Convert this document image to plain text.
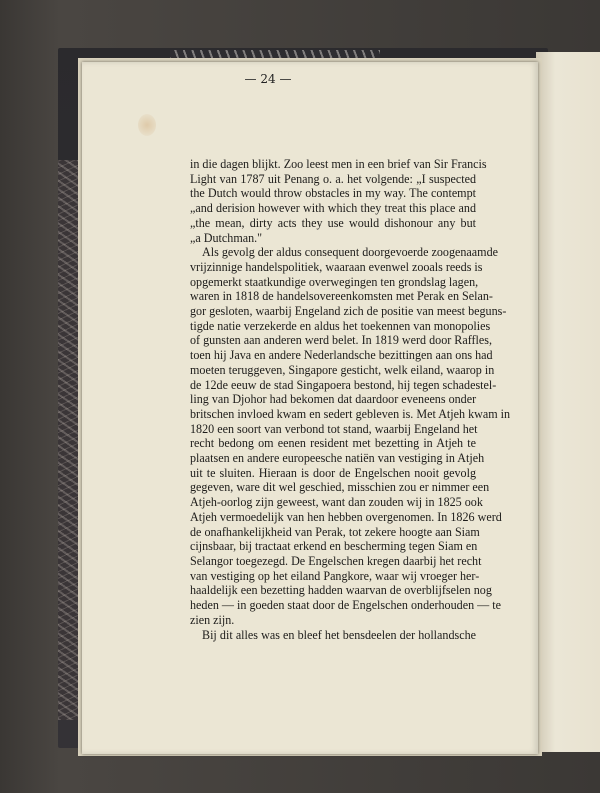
— 24 —
in die dagen blijkt. Zoo leest men in een brief van Sir Francis
Light van 1787 uit Penang o. a. het volgende: „I suspected
the Dutch would throw obstacles in my way. The contempt
„and derision however with which they treat this place and
„the mean, dirty acts they use would dishonour any but
„a Dutchman."
Als gevolg der aldus consequent doorgevoerde zoogenaamde
vrijzinnige handelspolitiek, waaraan evenwel zooals reeds is
opgemerkt staatkundige overwegingen ten grondslag lagen,
waren in 1818 de handelsovereenkomsten met Perak en Selan-
gor gesloten, waarbij Engeland zich de positie van meest beguns-
tigde natie verzekerde en aldus het toekennen van monopolies
of gunsten aan anderen werd belet. In 1819 werd door Raffles,
toen hij Java en andere Nederlandsche bezittingen aan ons had
moeten teruggeven, Singapore gesticht, welk eiland, waarop in
de 12de eeuw de stad Singapoera bestond, hij tegen schadestel-
ling van Djohor had bekomen dat daardoor eveneens onder
britschen invloed kwam en sedert gebleven is. Met Atjeh kwam in
1820 een soort van verbond tot stand, waarbij Engeland het
recht bedong om eenen resident met bezetting in Atjeh te
plaatsen en andere europeesche natiën van vestiging in Atjeh
uit te sluiten. Hieraan is door de Engelschen nooit gevolg
gegeven, ware dit wel geschied, misschien zou er nimmer een
Atjeh-oorlog zijn geweest, want dan zouden wij in 1825 ook
Atjeh vermoedelijk van hen hebben overgenomen. In 1826 werd
de onafhankelijkheid van Perak, tot zekere hoogte aan Siam
cijnsbaar, bij tractaat erkend en bescherming tegen Siam en
Selangor toegezegd. De Engelschen kregen daarbij het recht
van vestiging op het eiland Pangkore, waar wij vroeger her-
haaldelijk een bezetting hadden waarvan de overblijfselen nog
heden — in goeden staat door de Engelschen onderhouden — te
zien zijn.
Bij dit alles was en bleef het bensdeelen der hollandsche
